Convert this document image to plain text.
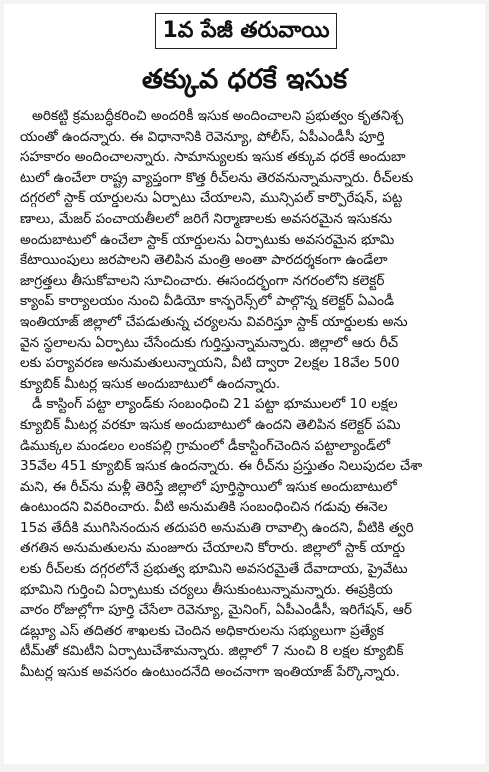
1వ పేజీ తరువాయి
తక్కువ ధరకే ఇసుక
అరికట్టి క్రమబద్ధీకరించి అందరికీ ఇసుక అందించాలని ప్రభుత్వం కృతనిశ్చ
యంతో ఉందన్నారు. ఈ విధానానికి రెవెన్యూ, పోలీస్, ఏపీఎండీసీ పూర్తి
సహకారం అందించాలన్నారు. సామాన్యులకు ఇసుక తక్కువ ధరకే అందుబా
టులో ఉంచేలా రాష్ట్ర వ్యాప్తంగా కొత్త రీచ్‌లను తెరవనున్నామన్నారు. రీచ్‌లకు
దగ్గరలో స్టాక్ యార్డులను ఏర్పాటు చేయాలని, మున్సిపల్ కార్పొరేషన్, పట్ట
ణాలు, మేజర్ పంచాయతీలలో జరిగే నిర్మాణాలకు అవసరమైన ఇసుకను
అందుబాటులో ఉంచేలా స్టాక్ యార్డులను ఏర్పాటుకు అవసరమైన భూమి
కేటాయింపులు జరపాలని తెలిపిన మంత్రి అంతా పారదర్శకంగా ఉండేలా
జాగ్రత్తలు తీసుకోవాలని సూచించారు. ఈసందర్భంగా నగరంలోని కలెక్టర్
క్యాంప్ కార్యాలయం నుంచి వీడియో కాన్ఫరెన్స్‌లో పాల్గొన్న కలెక్టర్ ఏఎండీ
ఇంతియాజ్ జిల్లాలో చేపడుతున్న చర్యలను వివరిస్తూ స్టాక్ యార్డులకు అను
వైన స్థలాలను ఏర్పాటు చేసేందుకు గుర్తిస్తున్నామన్నారు. జిల్లాలో ఆరు రీచ్
లకు పర్యావరణ అనుమతులున్నాయని, వీటి ద్వారా 2లక్షల 18వేల 500
క్యూబిక్ మీటర్ల ఇసుక అందుబాటులో ఉందన్నారు.
డీ కాస్టింగ్ పట్టా ల్యాండ్‌కు సంబంధించి 21 పట్టా భూములలో 10 లక్షల
క్యూబిక్ మీటర్ల వరకూ ఇసుక అందుబాటులో ఉందని తెలిపిన కలెక్టర్ పమి
డిముక్కల మండలం లంకపల్లి గ్రామంలో డీకాస్టింగ్‌చెందిన పట్టాల్యాండ్‌లో
35వేల 451 క్యూబిక్ ఇసుక ఉందన్నారు. ఈ రీచ్‌ను ప్రస్తుతం నిలుపుదల చేశా
మని, ఈ రీచ్‌ను మళ్లీ తెరిస్తే జిల్లాలో పూర్తిస్థాయిలో ఇసుక అందుబాటులో
ఉంటుందని వివరించారు. వీటి అనుమతికి సంబంధించిన గడువు ఈనెల
15వ తేదీకి ముగిసినందున తదుపరి అనుమతి రావాల్సి ఉందని, వీటికి త్వరి
తగతిన అనుమతులను మంజూరు చేయాలని కోరారు. జిల్లాలో స్టాక్ యార్డు
లకు రీచ్‌లకు దగ్గరలోనే ప్రభుత్వ భూమిని అవసరమైతే దేవాదాయ, ప్రైవేటు
భూమిని గుర్తించి ఏర్పాటుకు చర్యలు తీసుకుంటున్నామన్నారు. ఈప్రక్రియ
వారం రోజుల్లోగా పూర్తి చేసేలా రెవెన్యూ, మైనింగ్, ఏపీఎండీసీ, ఇరిగేషన్, ఆర్
డబ్ల్యూ ఎస్ తదితర శాఖలకు చెందిన అధికారులను సభ్యులుగా ప్రత్యేక
టీమ్‌తో కమిటీని ఏర్పాటుచేశామన్నారు. జిల్లాలో 7 నుంచి 8 లక్షల క్యూబిక్
మీటర్ల ఇసుక అవసరం ఉంటుందనేది అంచనాగా ఇంతియాజ్ పేర్కొన్నారు.
